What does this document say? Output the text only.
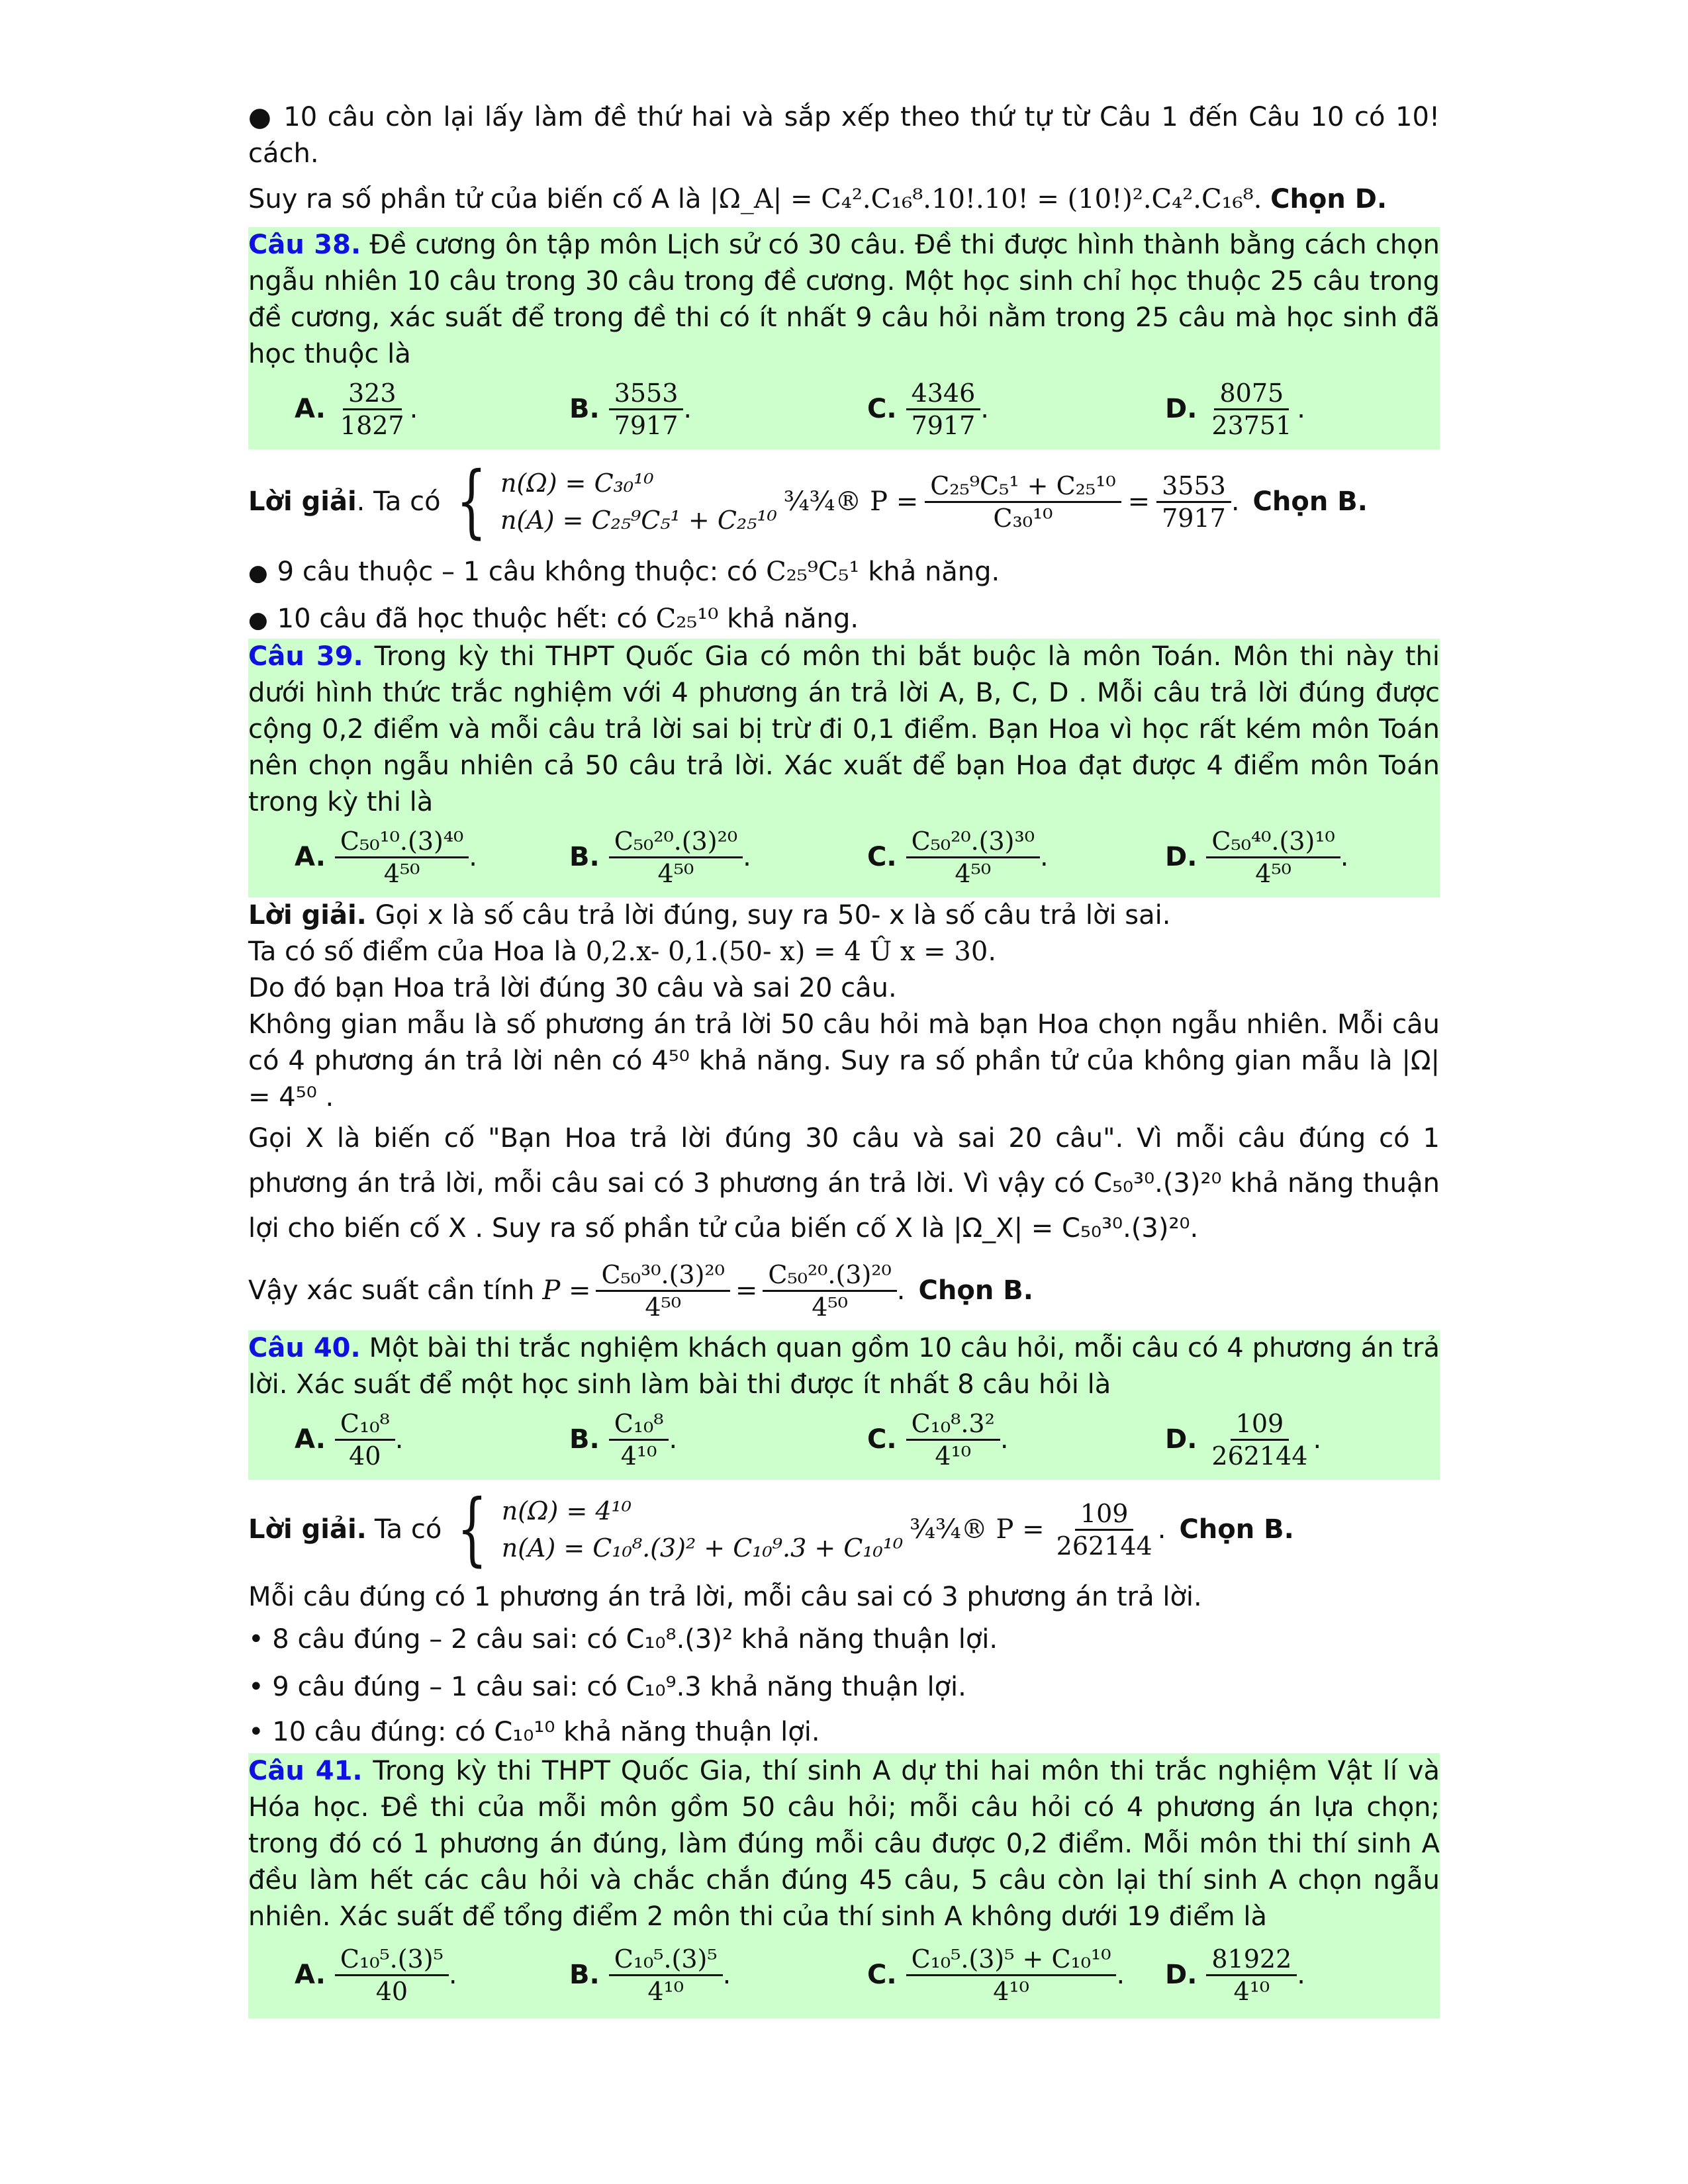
● 10 câu còn lại lấy làm đề thứ hai và sắp xếp theo thứ tự từ Câu 1 đến Câu 10 có 10! cách.

Suy ra số phần tử của biến cố A là |Ω_A| = C₄².C₁₆⁸.10!.10! = (10!)².C₄².C₁₆⁸. Chọn D.

Câu 38. Đề cương ôn tập môn Lịch sử có 30 câu. Đề thi được hình thành bằng cách chọn ngẫu nhiên 10 câu trong 30 câu trong đề cương. Một học sinh chỉ học thuộc 25 câu trong đề cương, xác suất để trong đề thi có ít nhất 9 câu hỏi nằm trong 25 câu mà học sinh đã học thuộc là

A. $\frac{323}{1827}$ .	B. $\frac{3553}{7917}$ .	C. $\frac{4346}{7917}$ .	D. $\frac{8075}{23751}$ .
Lời giải . Ta có { n(Ω) = C₃₀¹⁰
n(A) = C₂₅⁹C₅¹ + C₂₅¹⁰
¾¾® $P = \frac{\text{C₂₅⁹C₅¹ + C₂₅¹⁰}}{\text{C₃₀¹⁰}} = \frac{3553}{7917}$ . Chọn B.

● 9 câu thuộc – 1 câu không thuộc: có C₂₅⁹C₅¹ khả năng.

● 10 câu đã học thuộc hết: có C₂₅¹⁰ khả năng.

Câu 39. Trong kỳ thi THPT Quốc Gia có môn thi bắt buộc là môn Toán. Môn thi này thi dưới hình thức trắc nghiệm với 4 phương án trả lời A, B, C, D . Mỗi câu trả lời đúng được cộng 0,2 điểm và mỗi câu trả lời sai bị trừ đi 0,1 điểm. Bạn Hoa vì học rất kém môn Toán nên chọn ngẫu nhiên cả 50 câu trả lời. Xác xuất để bạn Hoa đạt được 4 điểm môn Toán trong kỳ thi là

A. $\frac{\text{C₅₀¹⁰.(3)⁴⁰}}{\text{4⁵⁰}}$ .	B. $\frac{\text{C₅₀²⁰.(3)²⁰}}{\text{4⁵⁰}}$ .	C. $\frac{\text{C₅₀²⁰.(3)³⁰}}{\text{4⁵⁰}}$ .	D. $\frac{\text{C₅₀⁴⁰.(3)¹⁰}}{\text{4⁵⁰}}$ .

Lời giải. Gọi x là số câu trả lời đúng, suy ra 50- x là số câu trả lời sai.

Ta có số điểm của Hoa là 0,2.x- 0,1.(50- x) = 4 Û x = 30.

Do đó bạn Hoa trả lời đúng 30 câu và sai 20 câu.

Không gian mẫu là số phương án trả lời 50 câu hỏi mà bạn Hoa chọn ngẫu nhiên. Mỗi câu có 4 phương án trả lời nên có 4⁵⁰ khả năng. Suy ra số phần tử của không gian mẫu là |Ω| = 4⁵⁰ .

Gọi X là biến cố "Bạn Hoa trả lời đúng 30 câu và sai 20 câu". Vì mỗi câu đúng có 1 phương án trả lời, mỗi câu sai có 3 phương án trả lời. Vì vậy có C₅₀³⁰.(3)²⁰ khả năng thuận lợi cho biến cố X . Suy ra số phần tử của biến cố X là |Ω_X| = C₅₀³⁰.(3)²⁰.

Vậy xác suất cần tính $P = \frac{\text{C₅₀³⁰.(3)²⁰}}{\text{4⁵⁰}} = \frac{\text{C₅₀²⁰.(3)²⁰}}{\text{4⁵⁰}}$ . Chọn B.

Câu 40. Một bài thi trắc nghiệm khách quan gồm 10 câu hỏi, mỗi câu có 4 phương án trả lời. Xác suất để một học sinh làm bài thi được ít nhất 8 câu hỏi là

A. $\frac{\text{C₁₀⁸}}{40}$ .	B. $\frac{\text{C₁₀⁸}}{\text{4¹⁰}}$ .	C. $\frac{\text{C₁₀⁸.3²}}{\text{4¹⁰}}$ .	D. $\frac{109}{262144}$ .
Lời giải. Ta có { n(Ω) = 4¹⁰
n(A) = C₁₀⁸.(3)² + C₁₀⁹.3 + C₁₀¹⁰
¾¾® $P = \frac{109}{262144}$ . Chọn B.

Mỗi câu đúng có 1 phương án trả lời, mỗi câu sai có 3 phương án trả lời.

• 8 câu đúng – 2 câu sai: có C₁₀⁸.(3)² khả năng thuận lợi.

• 9 câu đúng – 1 câu sai: có C₁₀⁹.3 khả năng thuận lợi.

• 10 câu đúng: có C₁₀¹⁰ khả năng thuận lợi.

Câu 41. Trong kỳ thi THPT Quốc Gia, thí sinh A dự thi hai môn thi trắc nghiệm Vật lí và Hóa học. Đề thi của mỗi môn gồm 50 câu hỏi; mỗi câu hỏi có 4 phương án lựa chọn; trong đó có 1 phương án đúng, làm đúng mỗi câu được 0,2 điểm. Mỗi môn thi thí sinh A đều làm hết các câu hỏi và chắc chắn đúng 45 câu, 5 câu còn lại thí sinh A chọn ngẫu nhiên. Xác suất để tổng điểm 2 môn thi của thí sinh A không dưới 19 điểm là

A. $\frac{\text{C₁₀⁵.(3)⁵}}{40}$ .	B. $\frac{\text{C₁₀⁵.(3)⁵}}{\text{4¹⁰}}$ .	C. $\frac{\text{C₁₀⁵.(3)⁵ + C₁₀¹⁰}}{\text{4¹⁰}}$ . D. $\frac{81922}{\text{4¹⁰}}$ .
